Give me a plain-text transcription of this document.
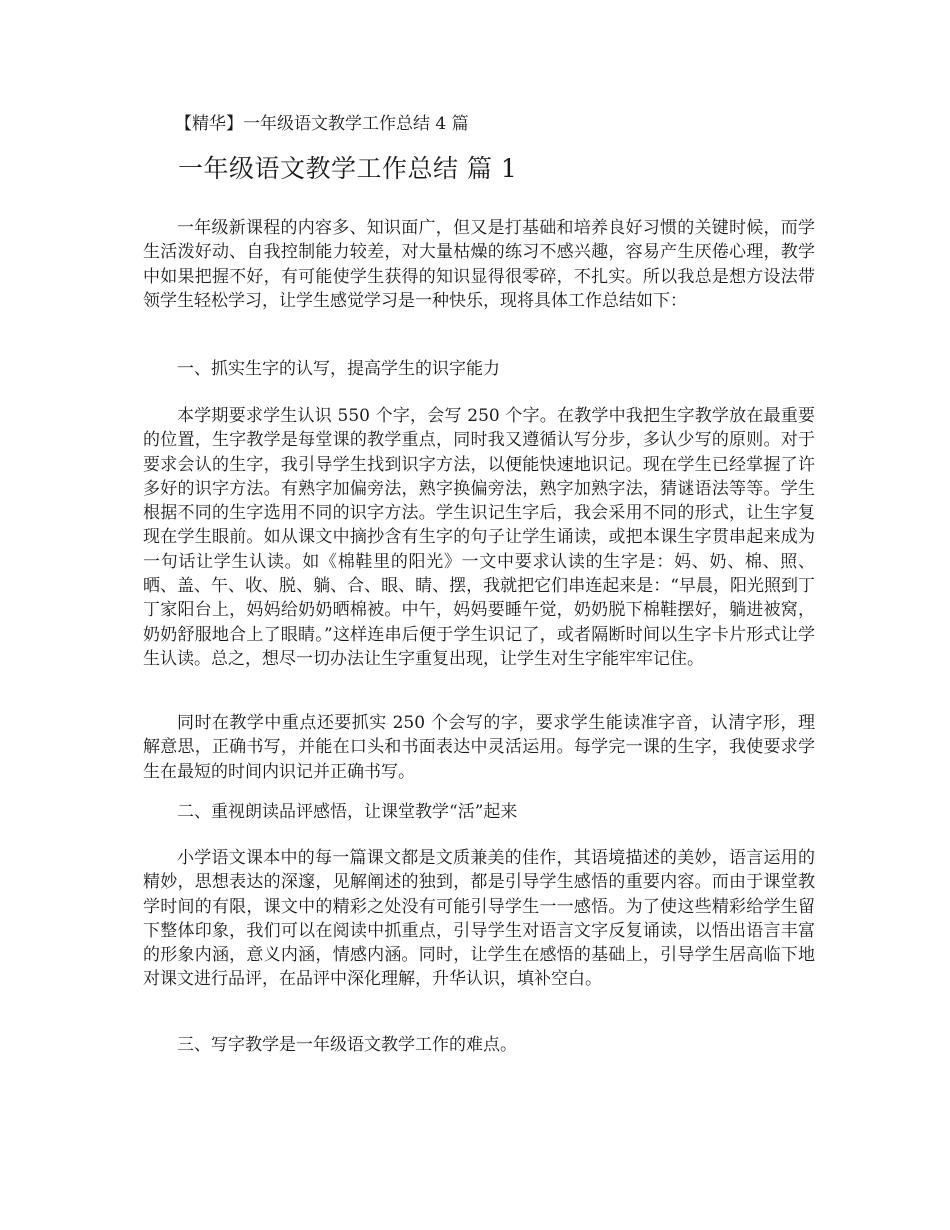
【精华】一年级语文教学工作总结 4 篇
一年级语文教学工作总结 篇 1

一年级新课程的内容多、知识面广，但又是打基础和培养良好习惯的关键时候，而学生活泼好动、自我控制能力较差，对大量枯燥的练习不感兴趣，容易产生厌倦心理，教学中如果把握不好，有可能使学生获得的知识显得很零碎，不扎实。所以我总是想方设法带领学生轻松学习，让学生感觉学习是一种快乐，现将具体工作总结如下：

一、抓实生字的认写，提高学生的识字能力

本学期要求学生认识 550 个字，会写 250 个字。在教学中我把生字教学放在最重要的位置，生字教学是每堂课的教学重点，同时我又遵循认写分步，多认少写的原则。对于要求会认的生字，我引导学生找到识字方法，以便能快速地识记。现在学生已经掌握了许多好的识字方法。有熟字加偏旁法，熟字换偏旁法，熟字加熟字法，猜谜语法等等。学生根据不同的生字选用不同的识字方法。学生识记生字后，我会采用不同的形式，让生字复现在学生眼前。如从课文中摘抄含有生字的句子让学生诵读，或把本课生字贯串起来成为一句话让学生认读。如《棉鞋里的阳光》一文中要求认读的生字是：妈、奶、棉、照、晒、盖、午、收、脱、躺、合、眼、睛、摆，我就把它们串连起来是：“早晨，阳光照到丁丁家阳台上，妈妈给奶奶晒棉被。中午，妈妈要睡午觉，奶奶脱下棉鞋摆好，躺进被窝，奶奶舒服地合上了眼睛。”这样连串后便于学生识记了，或者隔断时间以生字卡片形式让学生认读。总之，想尽一切办法让生字重复出现，让学生对生字能牢牢记住。

同时在教学中重点还要抓实 250 个会写的字，要求学生能读准字音，认清字形，理解意思，正确书写，并能在口头和书面表达中灵活运用。每学完一课的生字，我使要求学生在最短的时间内识记并正确书写。

二、重视朗读品评感悟，让课堂教学“活”起来

小学语文课本中的每一篇课文都是文质兼美的佳作，其语境描述的美妙，语言运用的精妙，思想表达的深邃，见解阐述的独到，都是引导学生感悟的重要内容。而由于课堂教学时间的有限，课文中的精彩之处没有可能引导学生一一感悟。为了使这些精彩给学生留下整体印象，我们可以在阅读中抓重点，引导学生对语言文字反复诵读，以悟出语言丰富的形象内涵，意义内涵，情感内涵。同时，让学生在感悟的基础上，引导学生居高临下地对课文进行品评，在品评中深化理解，升华认识，填补空白。

三、写字教学是一年级语文教学工作的难点。
